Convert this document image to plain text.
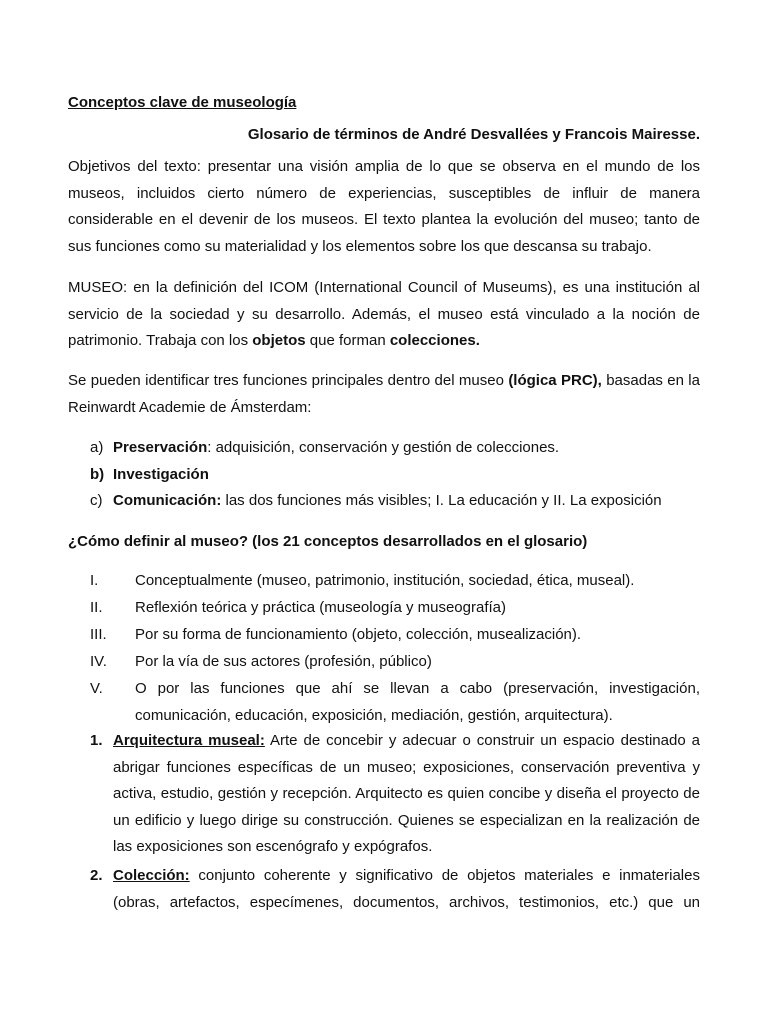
Conceptos clave de museología
Glosario de términos de André Desvallées y Francois Mairesse.
Objetivos del texto: presentar una visión amplia de lo que se observa en el mundo de los
museos, incluidos cierto número de experiencias, susceptibles de influir de manera
considerable en el devenir de los museos. El texto plantea la evolución del museo; tanto de
sus funciones como su materialidad y los elementos sobre los que descansa su trabajo.
MUSEO: en la definición del ICOM (International Council of Museums), es una institución al
servicio de la sociedad y su desarrollo. Además, el museo está vinculado a la noción de
patrimonio. Trabaja con los objetos que forman colecciones.
Se pueden identificar tres funciones principales dentro del museo (lógica PRC), basadas en la
Reinwardt Academie de Ámsterdam:
a) Preservación: adquisición, conservación y gestión de colecciones.
b) Investigación
c) Comunicación: las dos funciones más visibles; I. La educación y II. La exposición
¿Cómo definir al museo? (los 21 conceptos desarrollados en el glosario)
I. Conceptualmente (museo, patrimonio, institución, sociedad, ética, museal).
II. Reflexión teórica y práctica (museología y museografía)
III. Por su forma de funcionamiento (objeto, colección, musealización).
IV. Por la vía de sus actores (profesión, público)
V. O por las funciones que ahí se llevan a cabo (preservación, investigación,
comunicación, educación, exposición, mediación, gestión, arquitectura).
1. Arquitectura museal: Arte de concebir y adecuar o construir un espacio destinado a
abrigar funciones específicas de un museo; exposiciones, conservación preventiva y
activa, estudio, gestión y recepción. Arquitecto es quien concibe y diseña el proyecto de
un edificio y luego dirige su construcción. Quienes se especializan en la realización de
las exposiciones son escenógrafo y expógrafos.
2. Colección: conjunto coherente y significativo de objetos materiales e inmateriales
(obras, artefactos, especímenes, documentos, archivos, testimonios, etc.) que un
